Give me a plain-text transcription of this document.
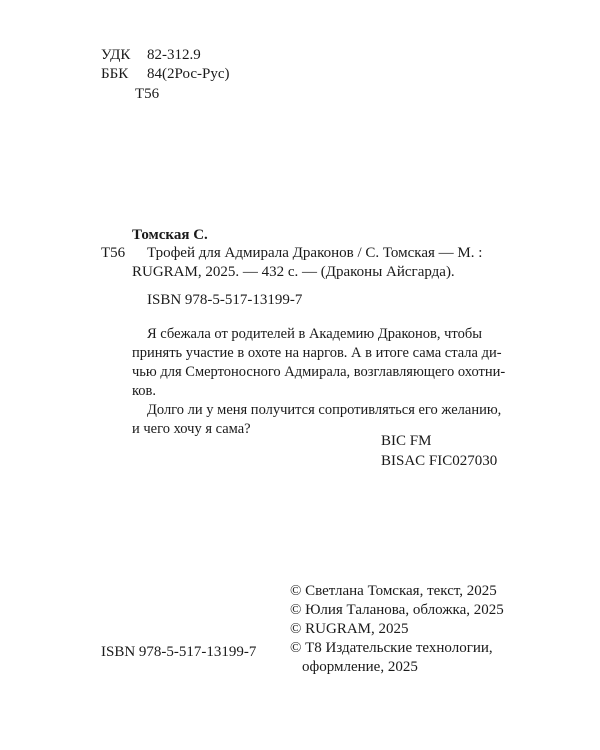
УДК 82-312.9
ББК 84(2Рос-Рус)
Т56
Томская С.
Т56 Трофей для Адмирала Драконов / С. Томская — М. :
RUGRAM, 2025. — 432 с. — (Драконы Айсгарда).
ISBN 978-5-517-13199-7
Я сбежала от родителей в Академию Драконов, чтобы
принять участие в охоте на наргов. А в итоге сама стала ди-
чью для Смертоносного Адмирала, возглавляющего охотни-
ков.
Долго ли у меня получится сопротивляться его желанию,
и чего хочу я сама?
BIC FM
BISAC FIC027030
© Светлана Томская, текст, 2025
© Юлия Таланова, обложка, 2025
© RUGRAM, 2025
© Т8 Издательские технологии,
оформление, 2025
ISBN 978-5-517-13199-7
